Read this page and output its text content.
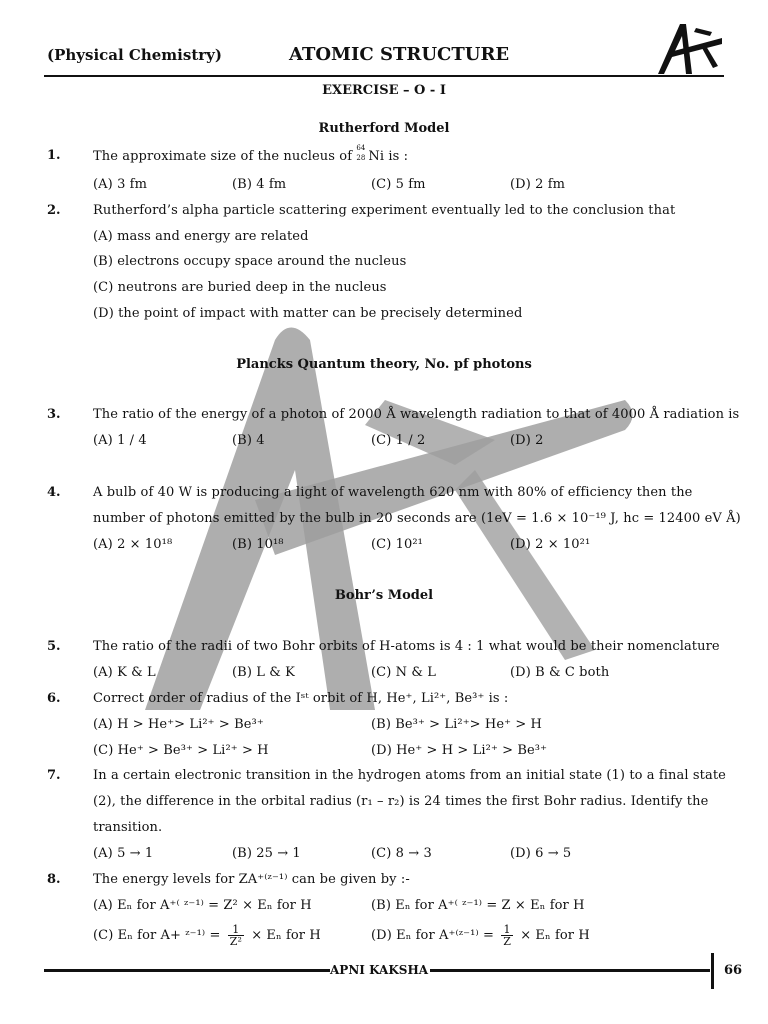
(Physical Chemistry)	ATOMIC STRUCTURE
EXERCISE – O - I
Rutherford Model
1. The approximate size of the nucleus of
64
28 Ni is :
(A) 3 fm	(B) 4 fm	(C) 5 fm	(D) 2 fm
2. Rutherford’s alpha particle scattering experiment eventually led to the conclusion that
(A) mass and energy are related
(B) electrons occupy space around the nucleus
(C) neutrons are buried deep in the nucleus
(D) the point of impact with matter can be precisely determined
Plancks Quantum theory, No. pf photons
3. The ratio of the energy of a photon of 2000 Å wavelength radiation to that of 4000 Å radiation is
(A) 1 / 4	(B) 4	(C) 1 / 2	(D) 2
4. A bulb of 40 W is producing a light of wavelength 620 nm with 80% of efficiency then the
number of photons emitted by the bulb in 20 seconds are (1eV = 1.6 × 10⁻¹⁹ J, hc = 12400 eV Å)
(A) 2 × 10¹⁸	(B) 10¹⁸	(C) 10²¹	(D) 2 × 10²¹
Bohr’s Model
5. The ratio of the radii of two Bohr orbits of H-atoms is 4 : 1 what would be their nomenclature
(A) K & L	(B) L & K	(C) N & L	(D) B & C both
6. Correct order of radius of the Iˢᵗ orbit of H, He⁺, Li²⁺, Be³⁺ is :
(A) H > He⁺> Li²⁺ > Be³⁺	(B) Be³⁺ > Li²⁺> He⁺ > H
(C) He⁺ > Be³⁺ > Li²⁺ > H	(D) He⁺ > H > Li²⁺ > Be³⁺
7. In a certain electronic transition in the hydrogen atoms from an initial state (1) to a final state
(2), the difference in the orbital radius (r₁ – r₂) is 24 times the first Bohr radius. Identify the
transition.
(A) 5 → 1	(B) 25 → 1	(C) 8 → 3	(D) 6 → 5
8. The energy levels for ZA⁺⁽ᶻ⁻¹⁾ can be given by :-
(A) Eₙ for A⁺⁽ ᶻ⁻¹⁾ = Z² × Eₙ for H	(B) Eₙ for A⁺⁽ ᶻ⁻¹⁾ = Z × Eₙ for H
(C) Eₙ for A+ ᶻ⁻¹⁾ = $\frac{1}{\text{Z²}} \times E_n$ for H	(D) Eₙ for A⁺⁽ᶻ⁻¹⁾ = $\frac{1}{Z} \times E_n$ for H
APNI KAKSHA	66
